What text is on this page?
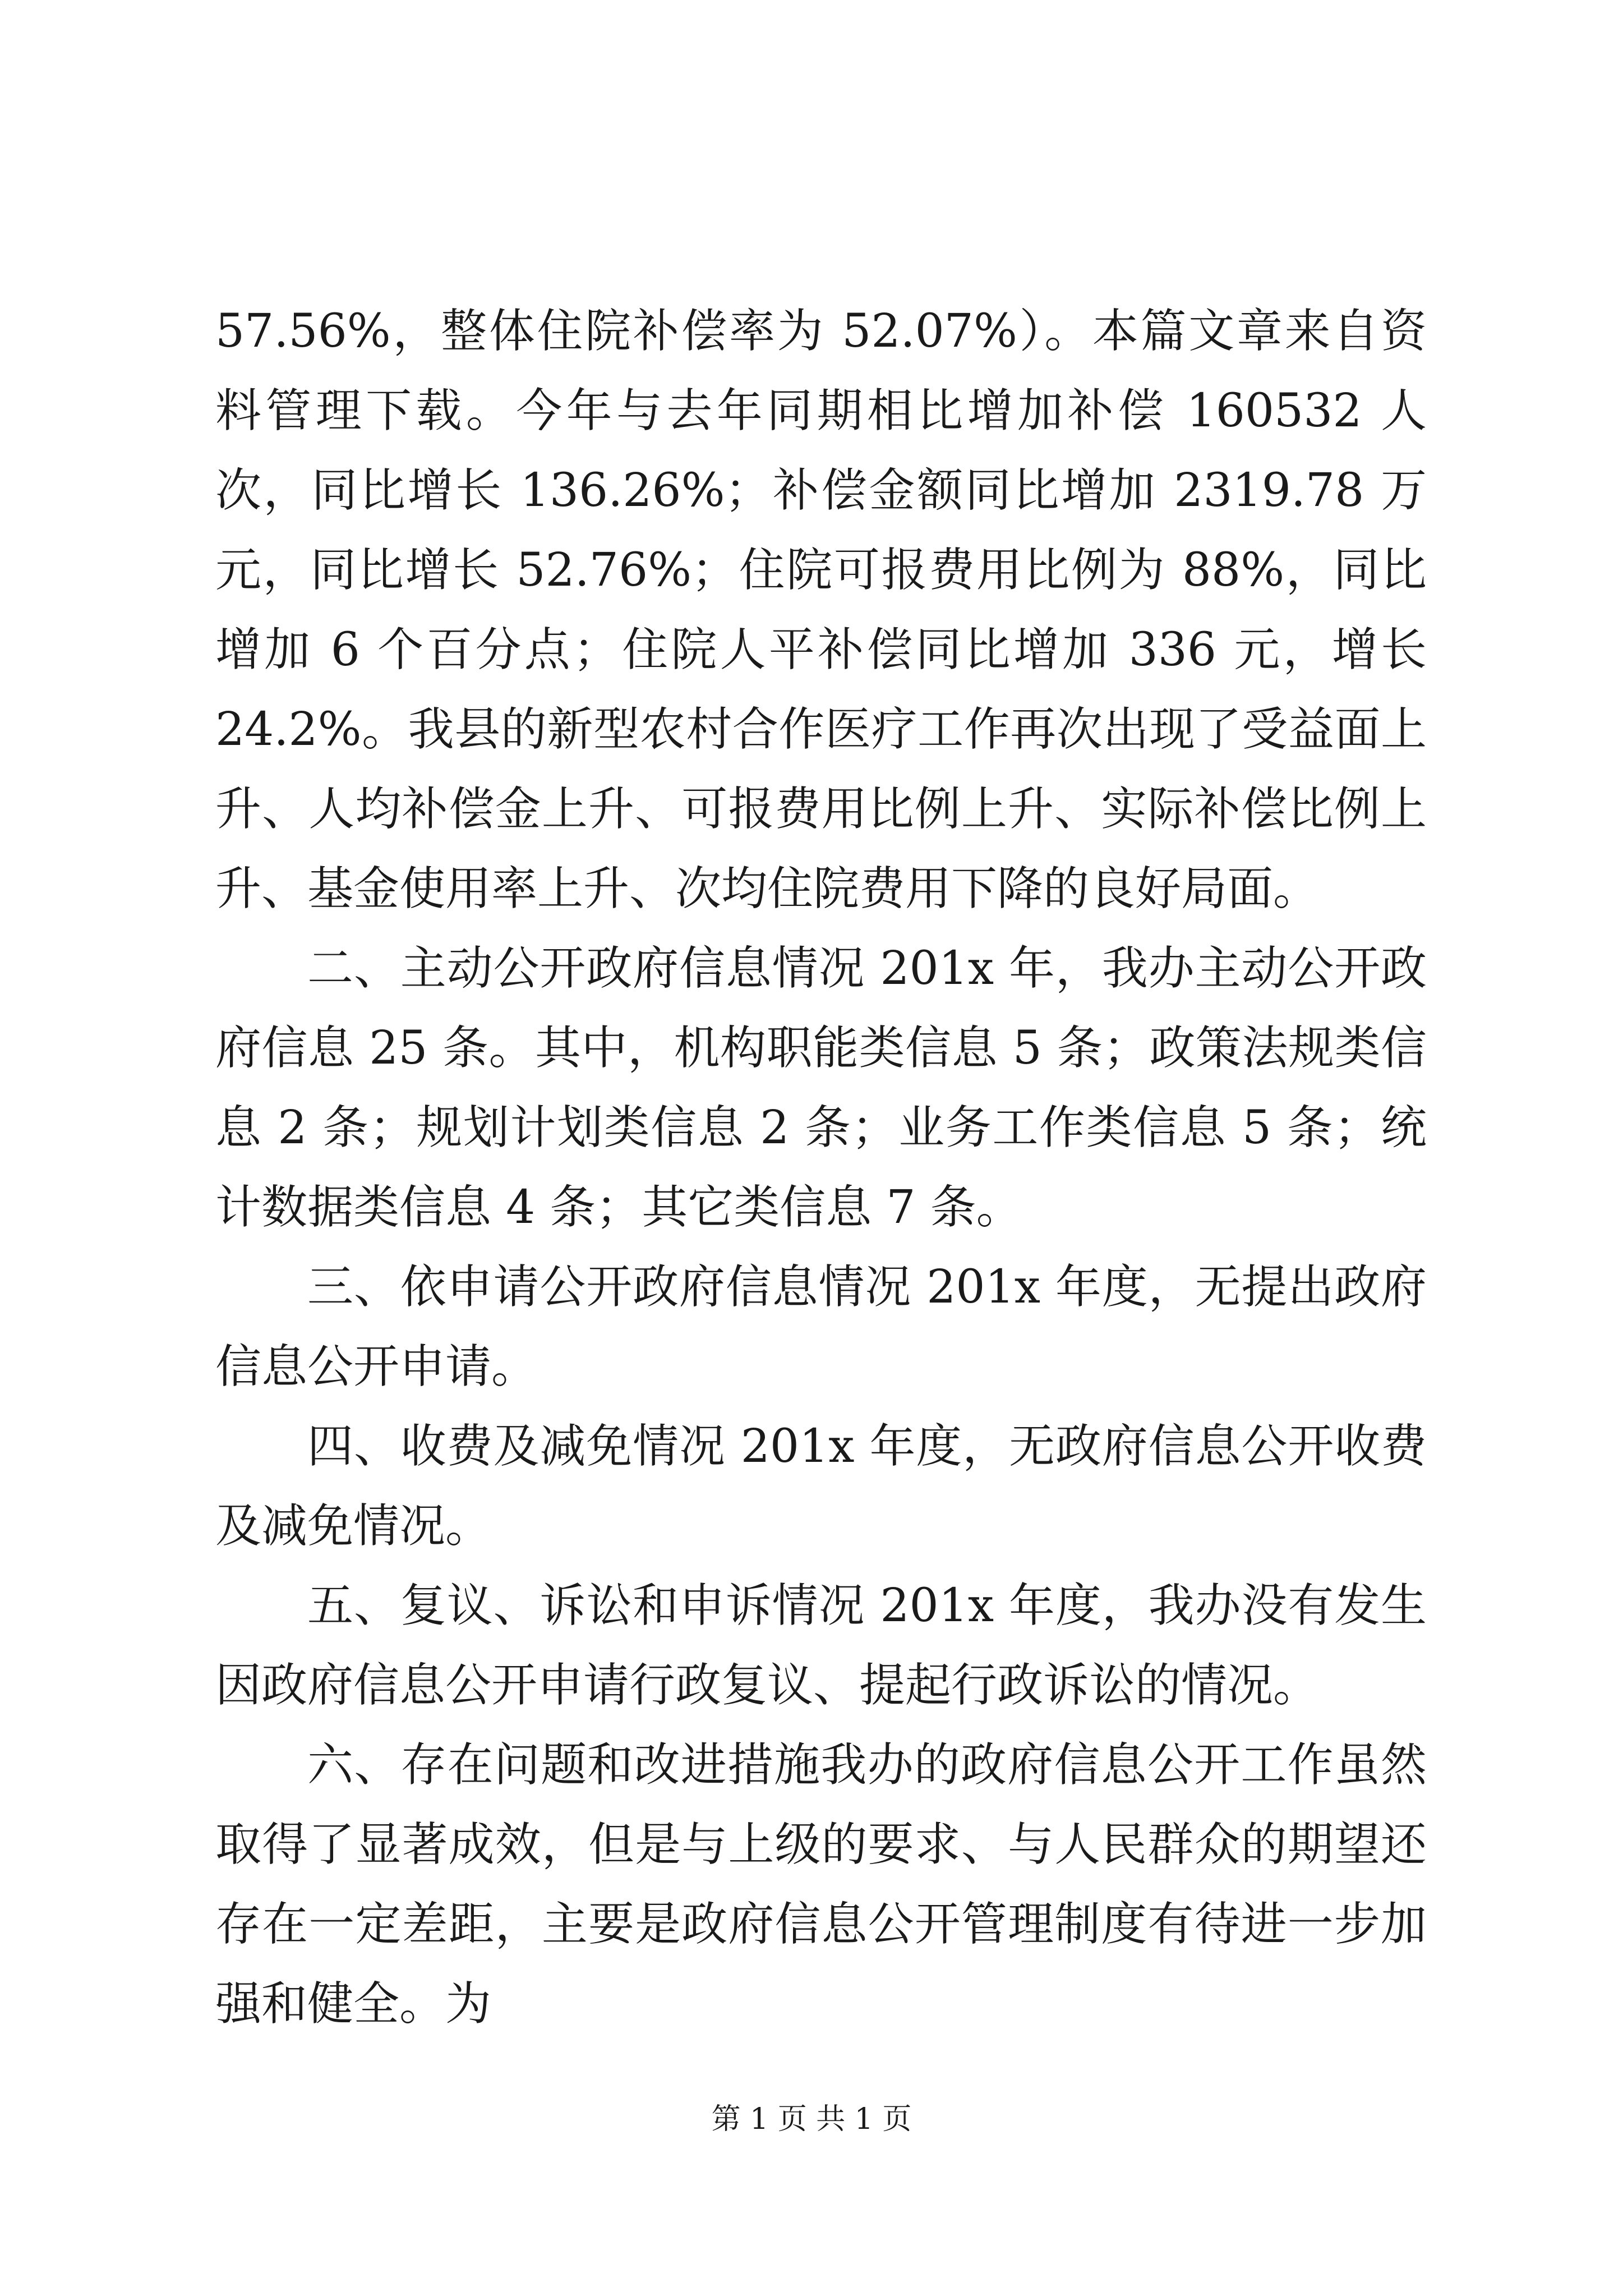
57.56%，整体住院补偿率为 52.07%）。本篇文章来自资料管理下载。今年与去年同期相比增加补偿 160532 人次，同比增长 136.26%；补偿金额同比增加 2319.78 万元，同比增长 52.76%；住院可报费用比例为 88%，同比增加 6 个百分点；住院人平补偿同比增加 336 元，增长 24.2%。我县的新型农村合作医疗工作再次出现了受益面上升、人均补偿金上升、可报费用比例上升、实际补偿比例上升、基金使用率上升、次均住院费用下降的良好局面。

二、主动公开政府信息情况 201x 年，我办主动公开政府信息 25 条。其中，机构职能类信息 5 条；政策法规类信息 2 条；规划计划类信息 2 条；业务工作类信息 5 条；统计数据类信息 4 条；其它类信息 7 条。

三、依申请公开政府信息情况 201x 年度，无提出政府信息公开申请。

四、收费及减免情况 201x 年度，无政府信息公开收费及减免情况。

五、复议、诉讼和申诉情况 201x 年度，我办没有发生因政府信息公开申请行政复议、提起行政诉讼的情况。

六、存在问题和改进措施我办的政府信息公开工作虽然取得了显著成效，但是与上级的要求、与人民群众的期望还存在一定差距，主要是政府信息公开管理制度有待进一步加强和健全。为

第 1 页 共 1 页
